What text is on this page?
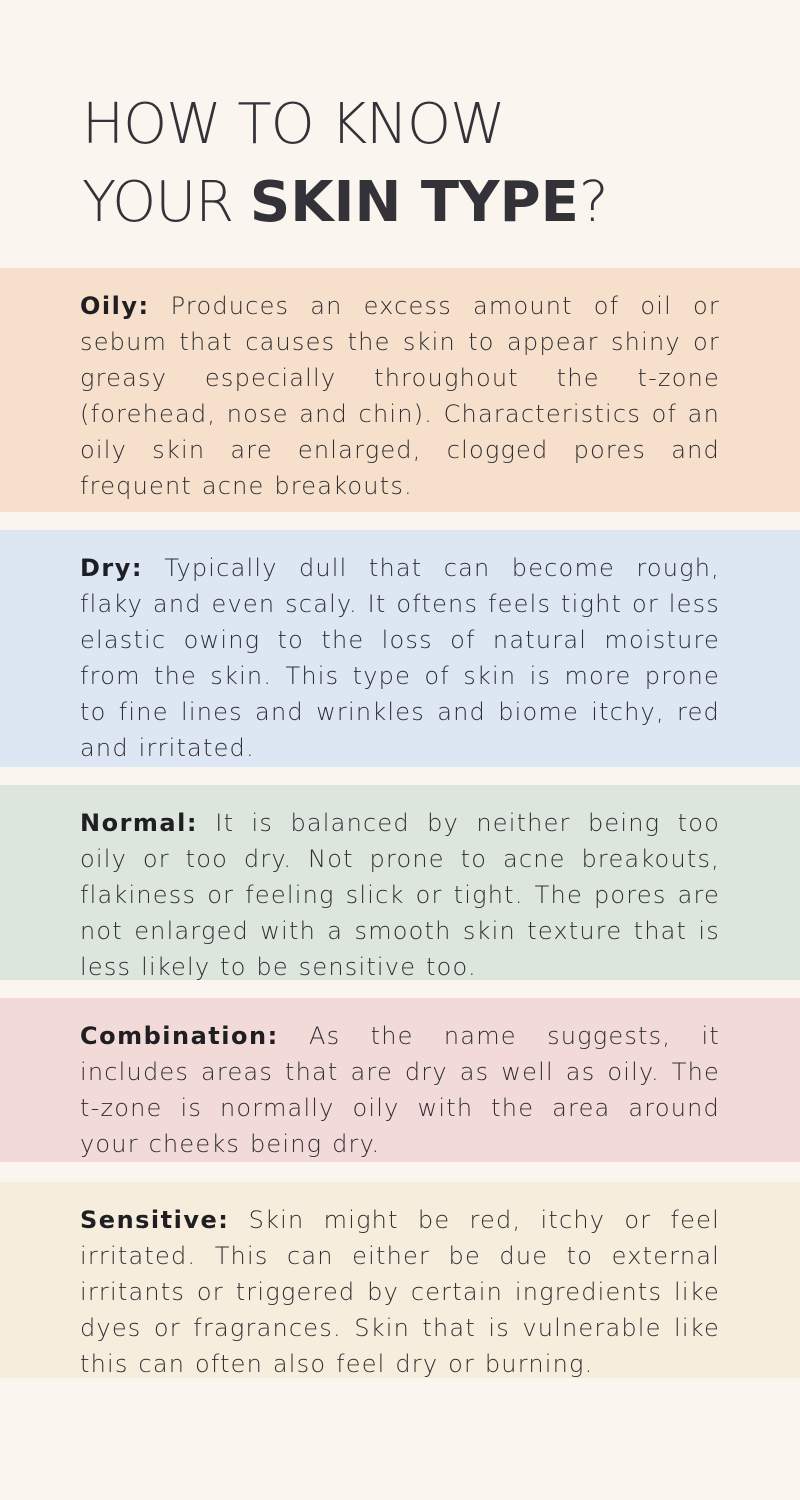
HOW TO KNOW
YOUR SKIN TYPE?

Oily: Produces an excess amount of oil or sebum that causes the skin to appear shiny or greasy especially throughout the t-zone (forehead, nose and chin). Characteristics of an oily skin are enlarged, clogged pores and frequent acne breakouts.

Dry: Typically dull that can become rough, flaky and even scaly. It oftens feels tight or less elastic owing to the loss of natural moisture from the skin. This type of skin is more prone to fine lines and wrinkles and biome itchy, red and irritated.

Normal: It is balanced by neither being too oily or too dry. Not prone to acne breakouts, flakiness or feeling slick or tight. The pores are not enlarged with a smooth skin texture that is less likely to be sensitive too.

Combination: As the name suggests, it includes areas that are dry as well as oily. The t-zone is normally oily with the area around your cheeks being dry.

Sensitive: Skin might be red, itchy or feel irritated. This can either be due to external irritants or triggered by certain ingredients like dyes or fragrances. Skin that is vulnerable like this can often also feel dry or burning.
